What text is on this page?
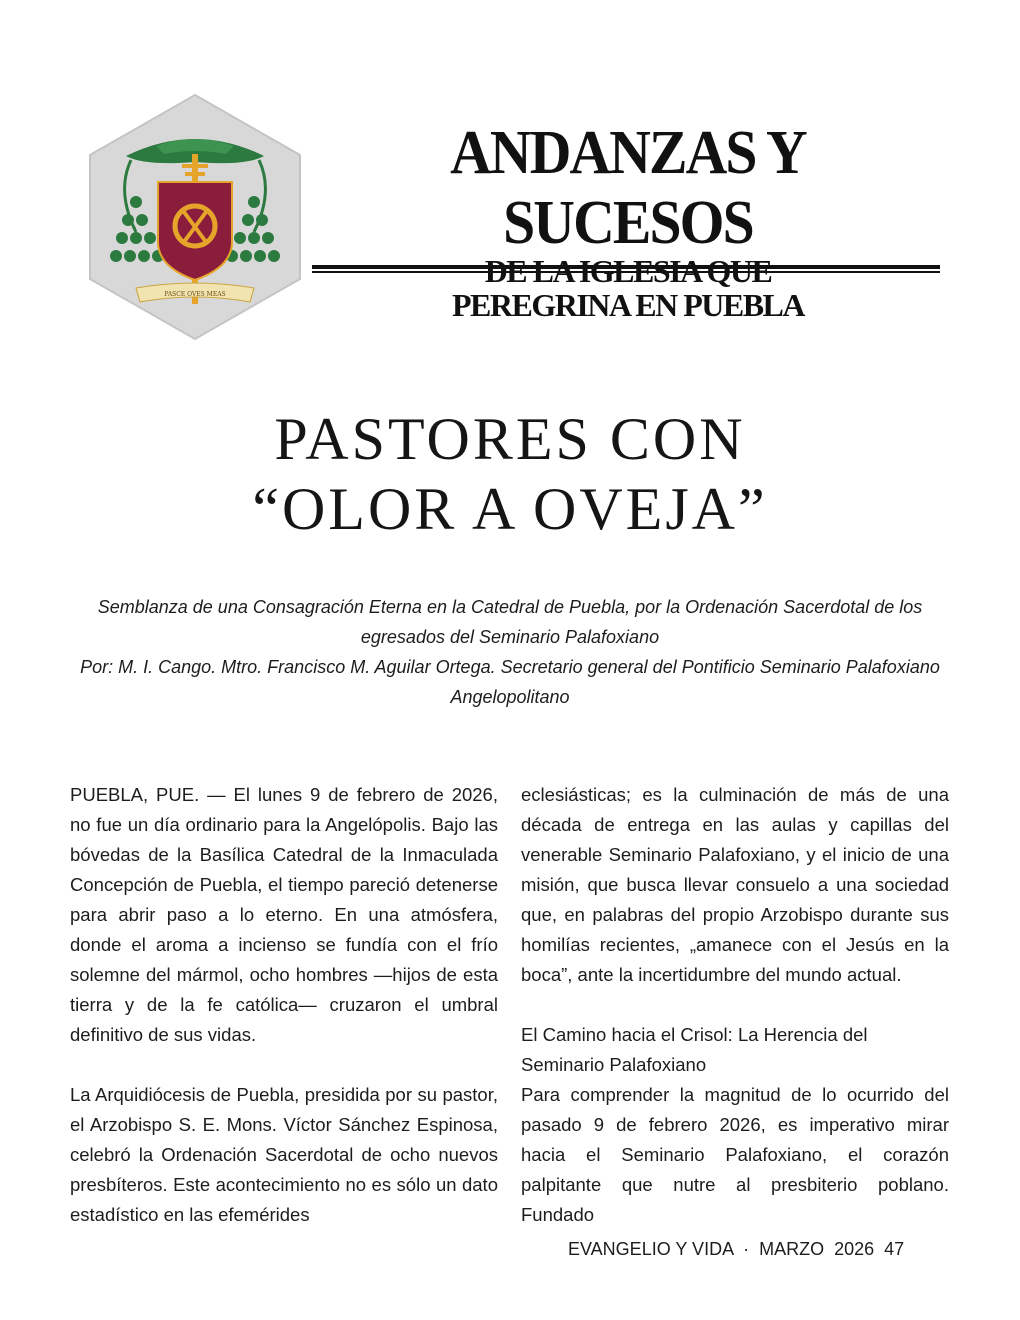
PASCE OVES MEAS
ANDANZAS Y SUCESOS
PEREGRINA EN PUEBLA
PASTORES CON
“OLOR A OVEJA”
Semblanza de una Consagración Eterna en la Catedral de Puebla, por la Ordenación Sacerdotal de los egresados del Seminario Palafoxiano
Por: M. I. Cango. Mtro. Francisco M. Aguilar Ortega. Secretario general del Pontificio Seminario Palafoxiano Angelopolitano

PUEBLA, PUE. — El lunes 9 de febrero de 2026, no fue un día ordinario para la Angelópolis. Bajo las bóvedas de la Basílica Catedral de la Inmaculada Concepción de Puebla, el tiempo pareció detenerse para abrir paso a lo eterno. En una atmósfera, donde el aroma a incienso se fundía con el frío solemne del mármol, ocho hombres —hijos de esta tierra y de la fe católica— cruzaron el umbral definitivo de sus vidas.

La Arquidiócesis de Puebla, presidida por su pastor, el Arzobispo S. E. Mons. Víctor Sánchez Espinosa, celebró la Ordenación Sacerdotal de ocho nuevos presbíteros. Este acontecimiento no es sólo un dato estadístico en las efemérides

eclesiásticas; es la culminación de más de una década de entrega en las aulas y capillas del venerable Seminario Palafoxiano, y el inicio de una misión, que busca llevar consuelo a una sociedad que, en palabras del propio Arzobispo durante sus homilías recientes, „amanece con el Jesús en la boca”, ante la incertidumbre del mundo actual.

El Camino hacia el Crisol: La Herencia del Seminario Palafoxiano

Para comprender la magnitud de lo ocurrido del pasado 9 de febrero 2026, es imperativo mirar hacia el Seminario Palafoxiano, el corazón palpitante que nutre al presbiterio poblano. Fundado

EVANGELIO Y VIDA  ·  MARZO  2026  47
